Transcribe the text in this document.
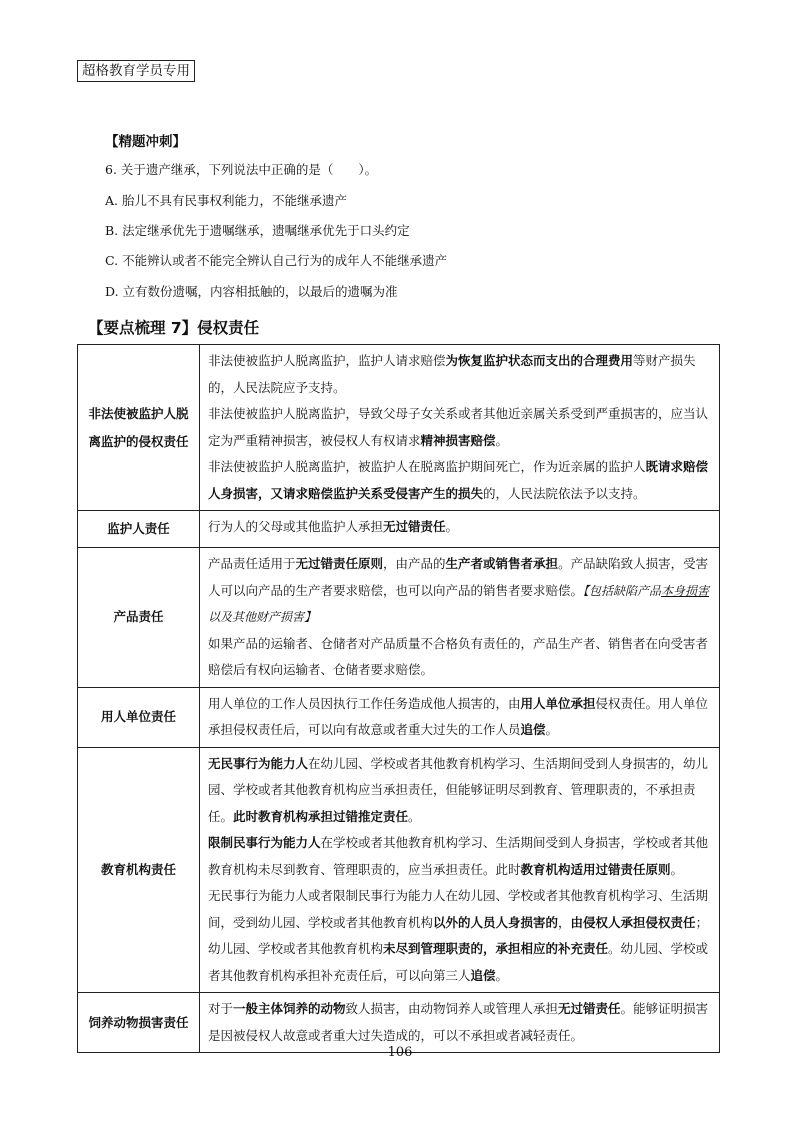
超格教育学员专用
【精题冲刺】
6. 关于遗产继承，下列说法中正确的是（　　）。
A. 胎儿不具有民事权利能力，不能继承遗产
B. 法定继承优先于遗嘱继承，遗嘱继承优先于口头约定
C. 不能辨认或者不能完全辨认自己行为的成年人不能继承遗产
D. 立有数份遗嘱，内容相抵触的，以最后的遗嘱为准
【要点梳理 7】侵权责任
非法使被监护人脱离监护的侵权责任	非法使被监护人脱离监护，监护人请求赔偿为恢复监护状态而支出的合理费用等财产损失的，人民法院应予支持。
非法使被监护人脱离监护，导致父母子女关系或者其他近亲属关系受到严重损害的，应当认定为严重精神损害，被侵权人有权请求精神损害赔偿。
非法使被监护人脱离监护，被监护人在脱离监护期间死亡，作为近亲属的监护人既请求赔偿人身损害，又请求赔偿监护关系受侵害产生的损失的，人民法院依法予以支持。

监护人责任	行为人的父母或其他监护人承担无过错责任。
产品责任	产品责任适用于无过错责任原则，由产品的生产者或销售者承担。产品缺陷致人损害，受害人可以向产品的生产者要求赔偿，也可以向产品的销售者要求赔偿。【包括缺陷产品本身损害以及其他财产损害】
如果产品的运输者、仓储者对产品质量不合格负有责任的，产品生产者、销售者在向受害者赔偿后有权向运输者、仓储者要求赔偿。

用人单位责任	用人单位的工作人员因执行工作任务造成他人损害的，由用人单位承担侵权责任。用人单位承担侵权责任后，可以向有故意或者重大过失的工作人员追偿。
教育机构责任	无民事行为能力人在幼儿园、学校或者其他教育机构学习、生活期间受到人身损害的，幼儿园、学校或者其他教育机构应当承担责任，但能够证明尽到教育、管理职责的，不承担责任。此时教育机构承担过错推定责任。
限制民事行为能力人在学校或者其他教育机构学习、生活期间受到人身损害，学校或者其他教育机构未尽到教育、管理职责的，应当承担责任。此时教育机构适用过错责任原则。
无民事行为能力人或者限制民事行为能力人在幼儿园、学校或者其他教育机构学习、生活期间，受到幼儿园、学校或者其他教育机构以外的人员人身损害的，由侵权人承担侵权责任；幼儿园、学校或者其他教育机构未尽到管理职责的，承担相应的补充责任。幼儿园、学校或者其他教育机构承担补充责任后，可以向第三人追偿。

饲养动物损害责任	对于一般主体饲养的动物致人损害，由动物饲养人或管理人承担无过错责任。能够证明损害是因被侵权人故意或者重大过失造成的，可以不承担或者减轻责任。
106
